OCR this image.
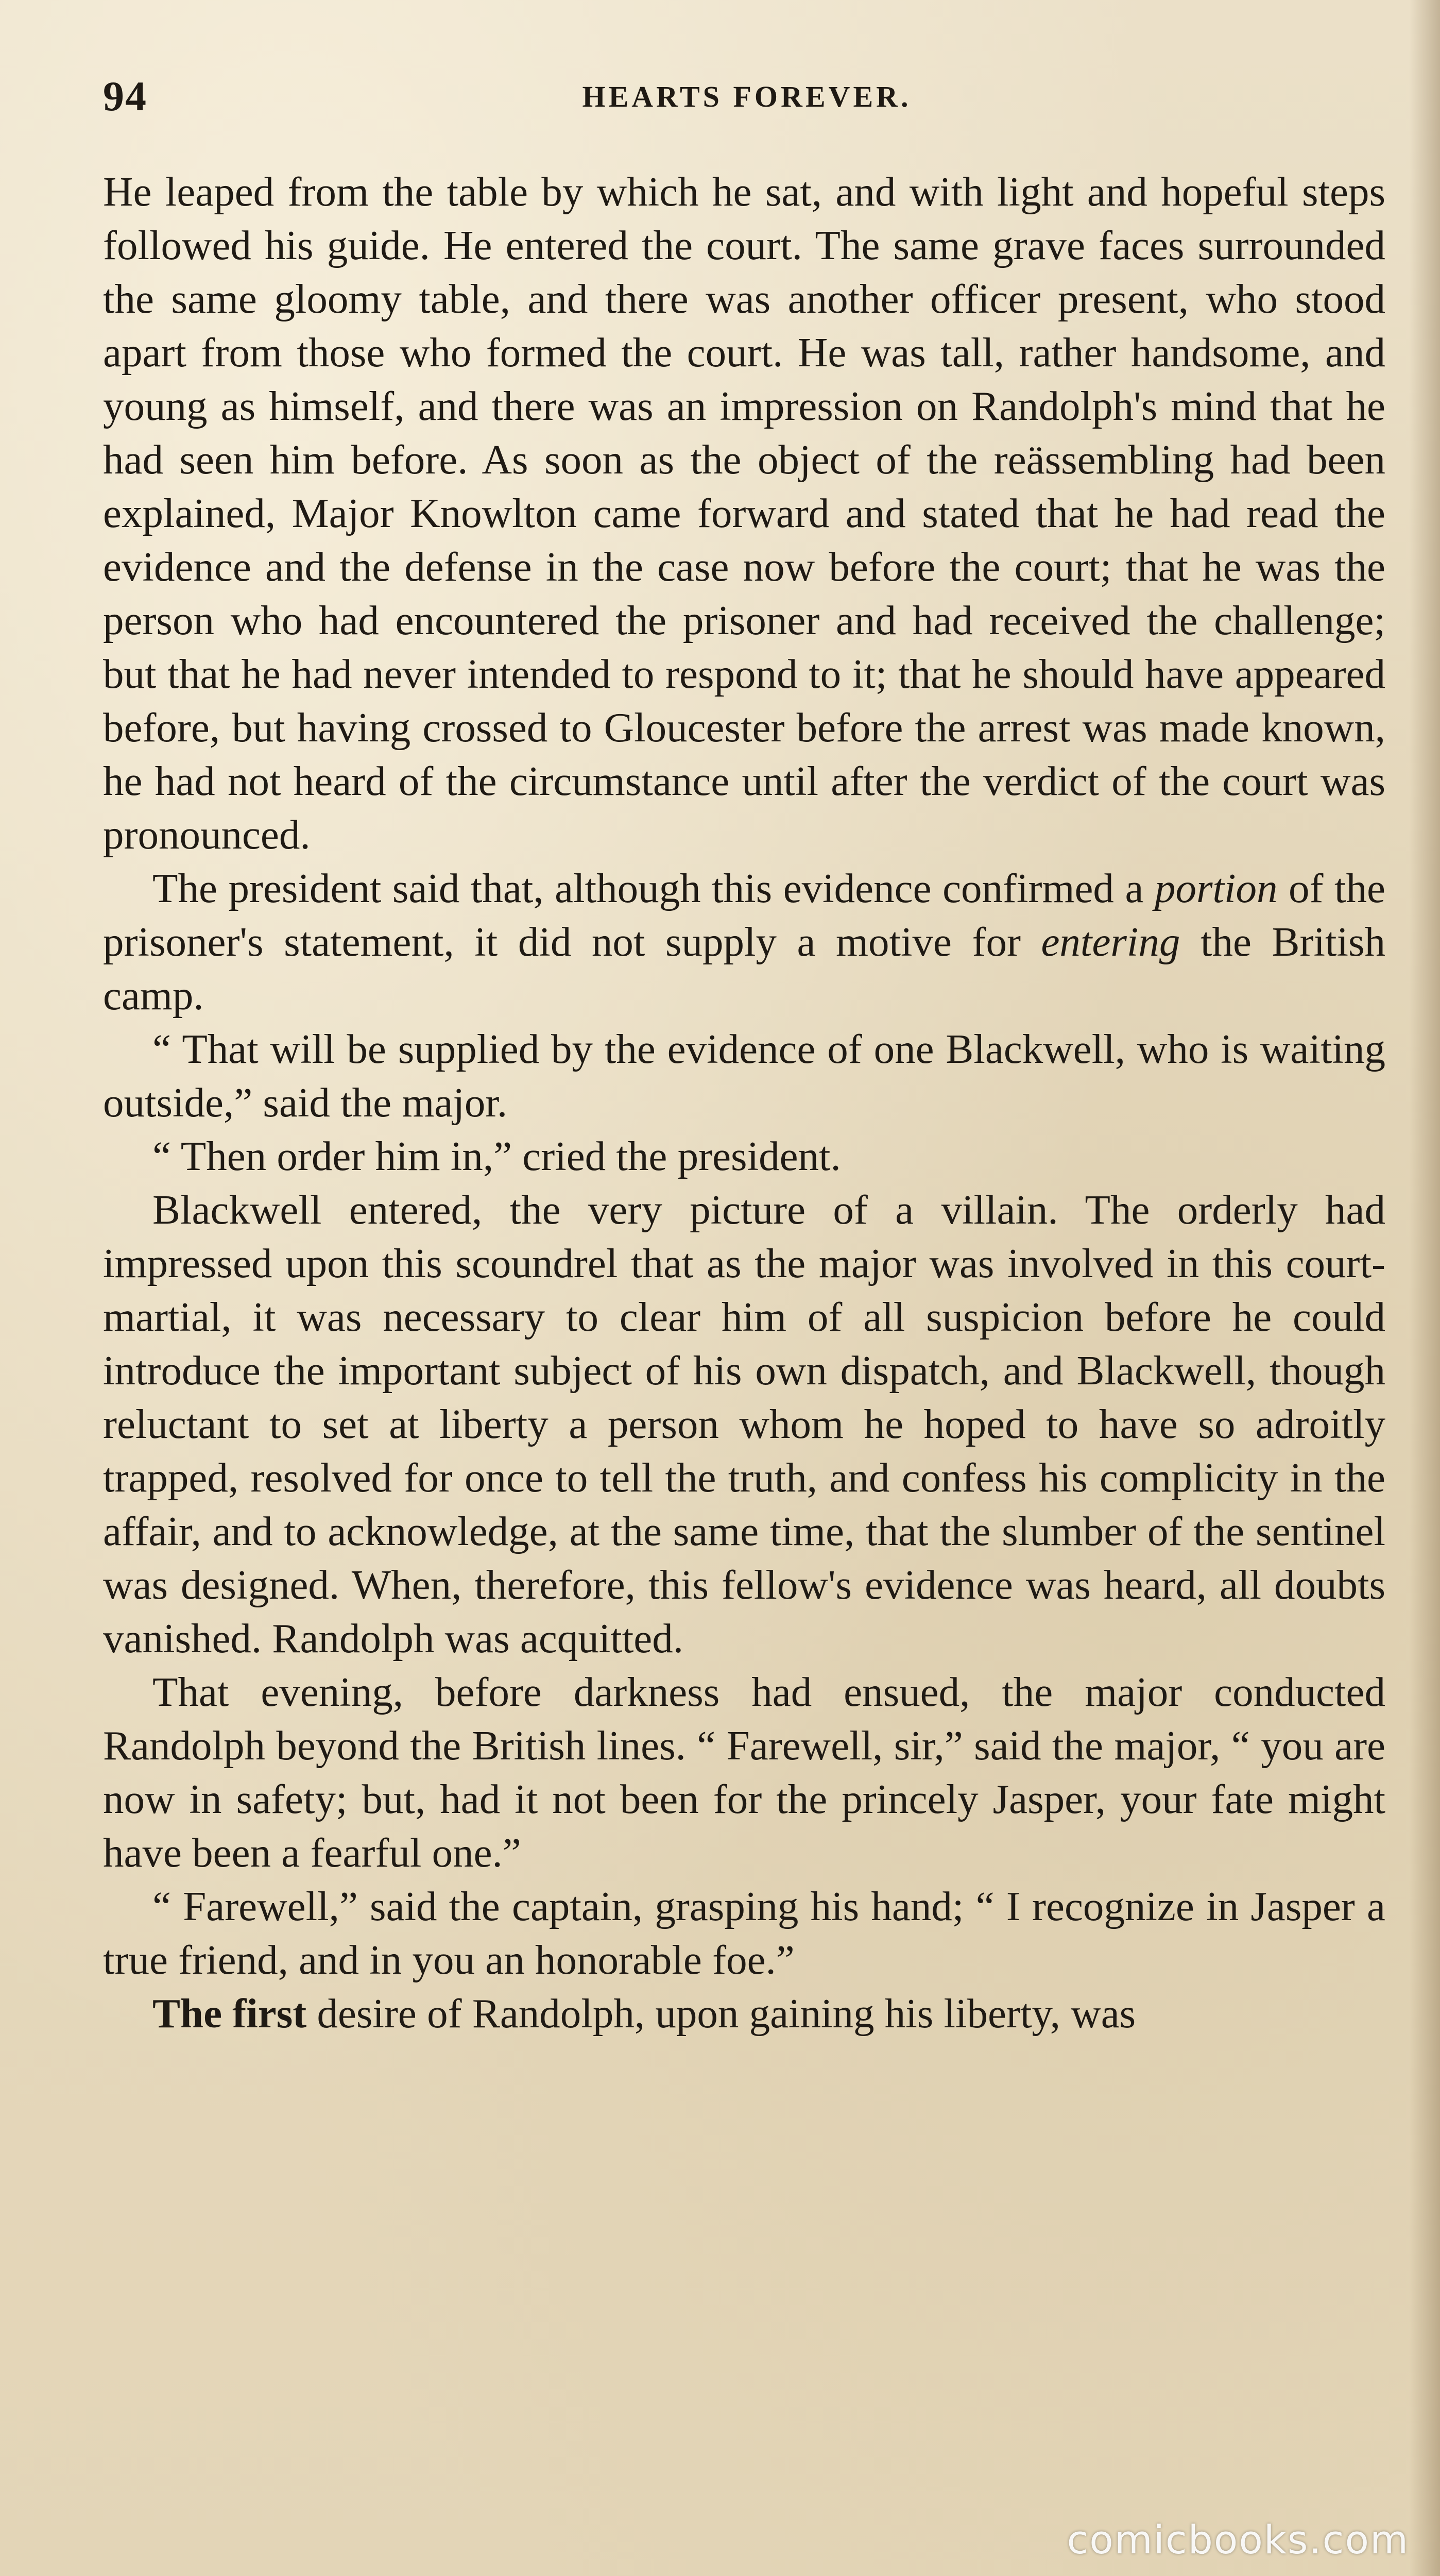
94	HEARTS FOREVER.

He leaped from the table by which he sat, and with light and hopeful steps followed his guide. He entered the court. The same grave faces surrounded the same gloomy table, and there was another officer present, who stood apart from those who formed the court. He was tall, rather handsome, and young as himself, and there was an impression on Randolph's mind that he had seen him before. As soon as the object of the reässembling had been explained, Major Knowlton came forward and stated that he had read the evidence and the defense in the case now before the court; that he was the person who had encountered the prisoner and had received the challenge; but that he had never intended to respond to it; that he should have appeared before, but having crossed to Gloucester before the arrest was made known, he had not heard of the circumstance until after the verdict of the court was pronounced.

The president said that, although this evidence confirmed a portion of the prisoner's statement, it did not supply a motive for entering the British camp.

“ That will be supplied by the evidence of one Blackwell, who is waiting outside,” said the major.

“ Then order him in,” cried the president.

Blackwell entered, the very picture of a villain. The orderly had impressed upon this scoundrel that as the major was involved in this court-martial, it was necessary to clear him of all suspicion before he could introduce the important subject of his own dispatch, and Blackwell, though reluctant to set at liberty a person whom he hoped to have so adroitly trapped, resolved for once to tell the truth, and confess his complicity in the affair, and to acknowledge, at the same time, that the slumber of the sentinel was designed. When, therefore, this fellow's evidence was heard, all doubts vanished. Randolph was acquitted.

That evening, before darkness had ensued, the major conducted Randolph beyond the British lines. “ Farewell, sir,” said the major, “ you are now in safety; but, had it not been for the princely Jasper, your fate might have been a fearful one.”

“ Farewell,” said the captain, grasping his hand; “ I recognize in Jasper a true friend, and in you an honorable foe.”

The first desire of Randolph, upon gaining his liberty, was

comicbooks.com
